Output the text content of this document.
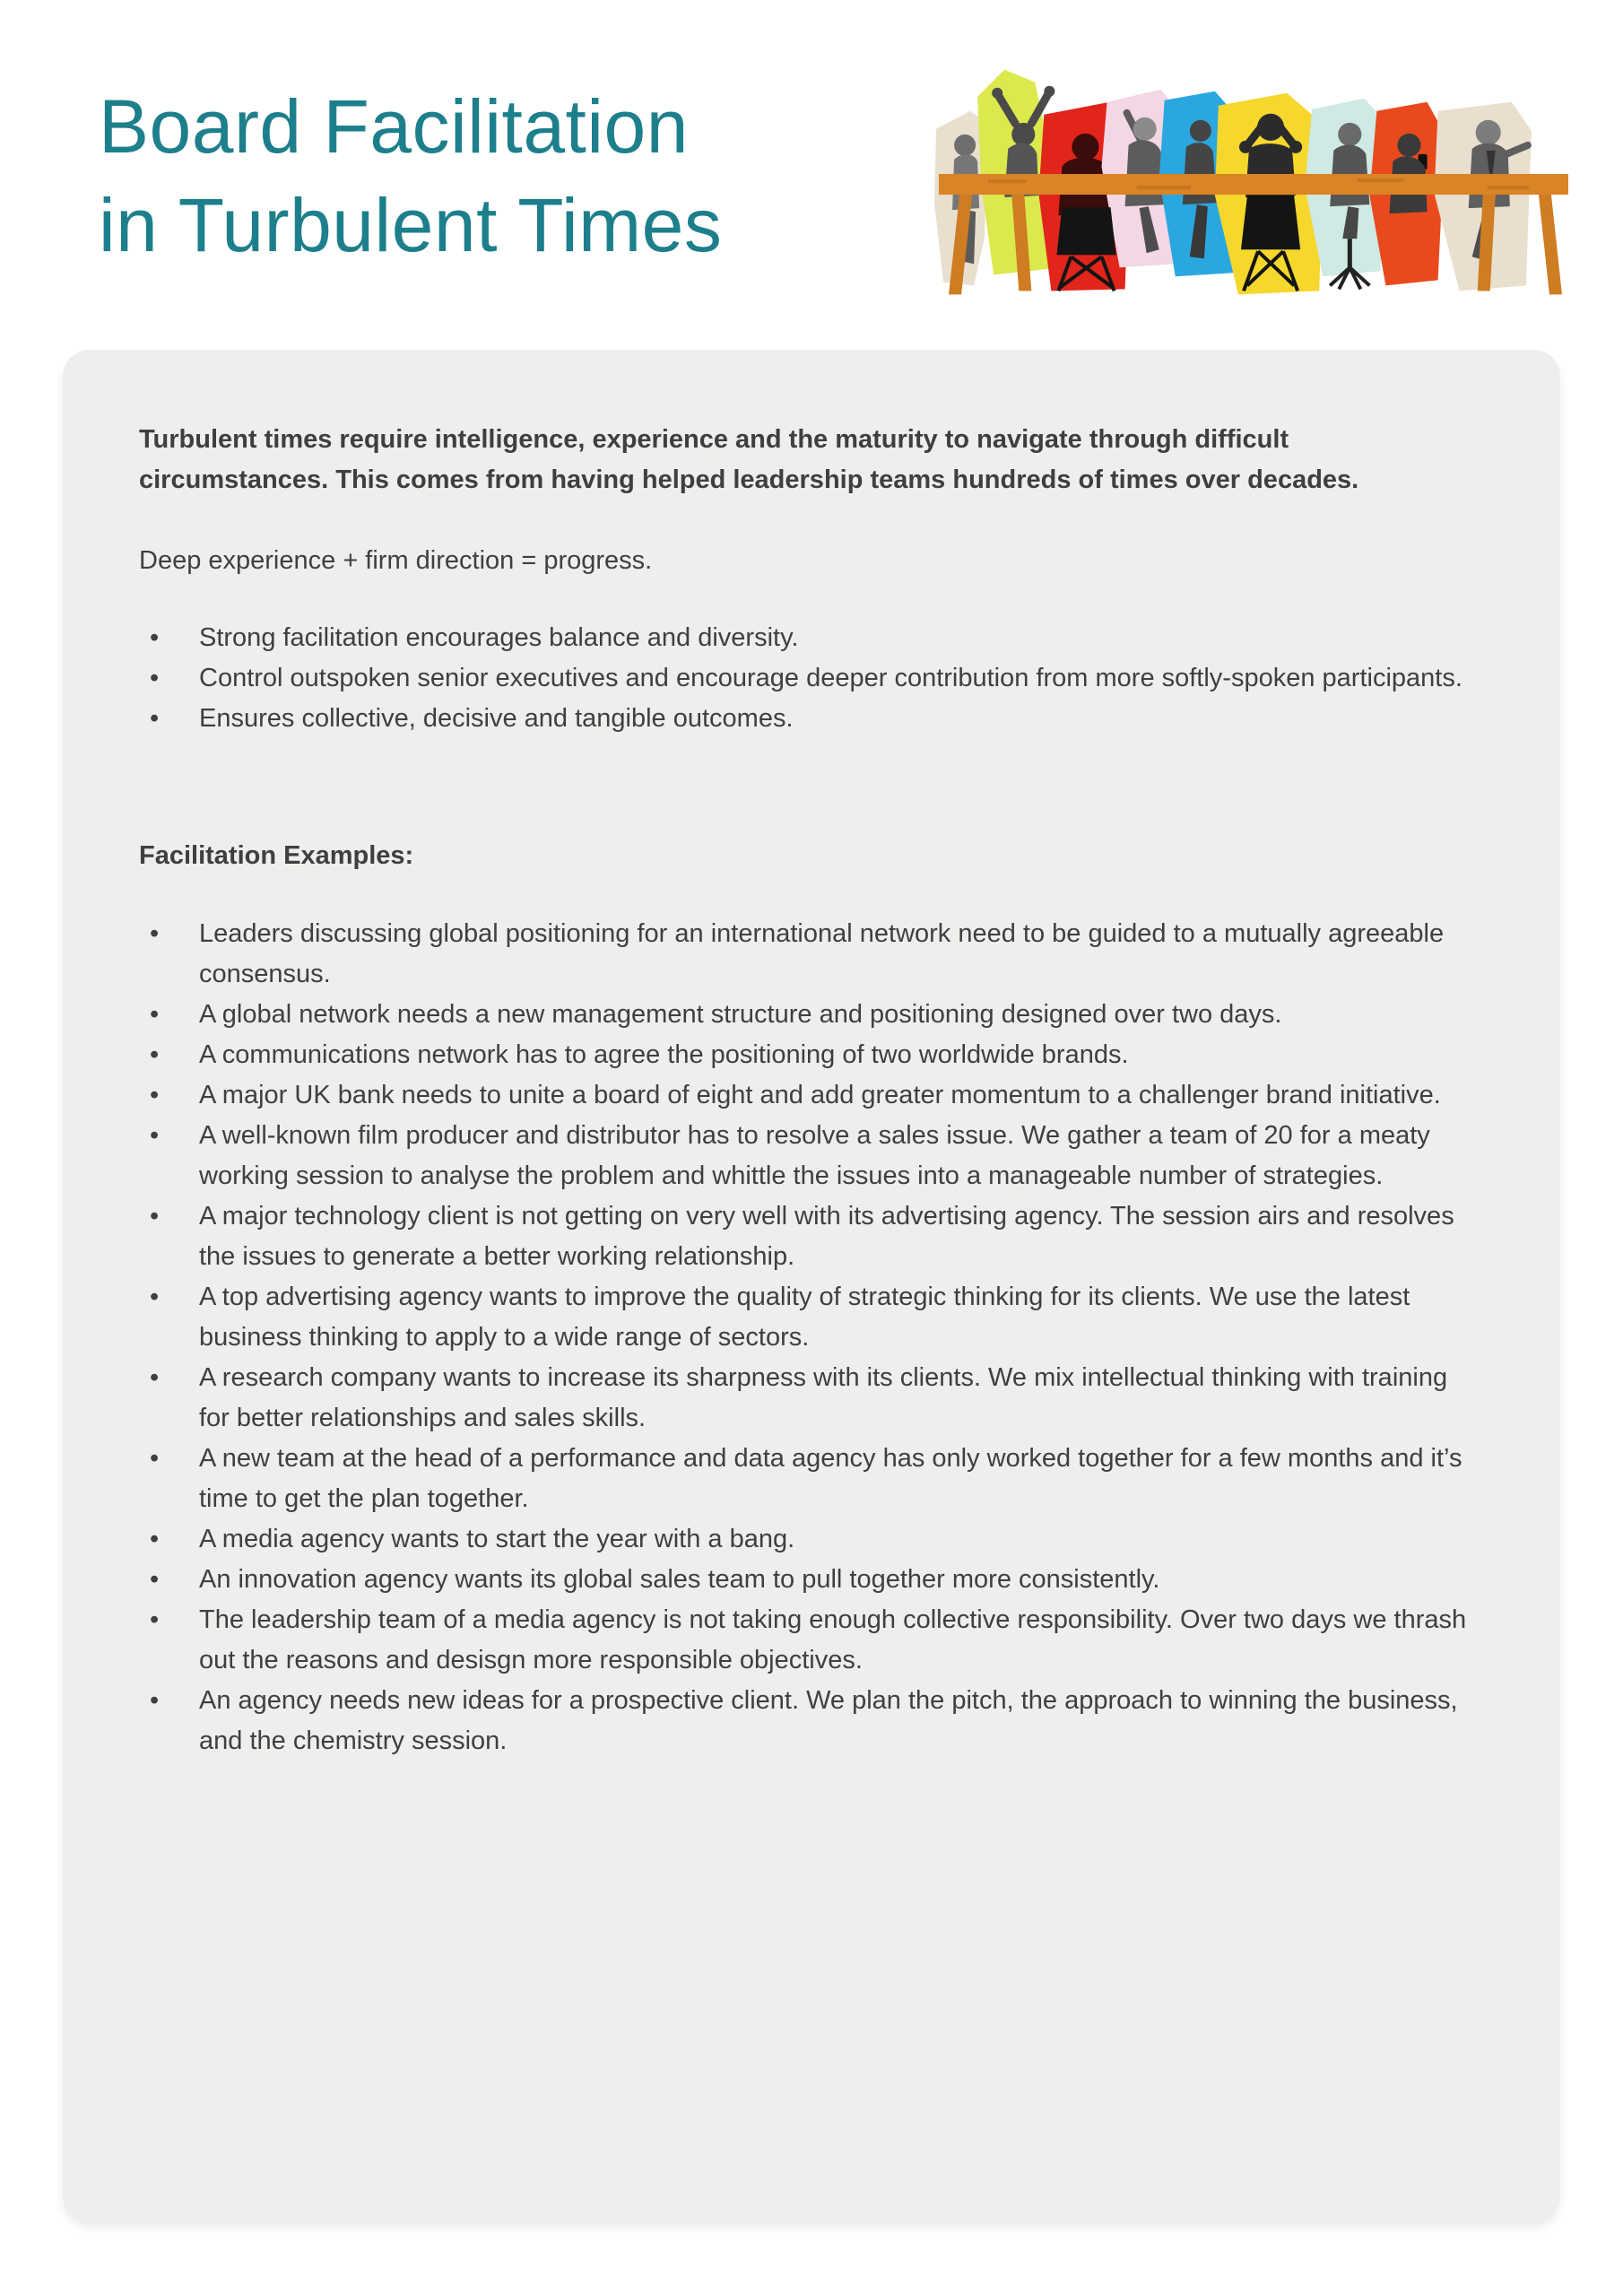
Board Facilitation
in Turbulent Times

Turbulent times require intelligence, experience and the maturity to navigate through difficult circumstances. This comes from having helped leadership teams hundreds of times over decades.

Deep experience + firm direction = progress.

• Strong facilitation encourages balance and diversity.
• Control outspoken senior executives and encourage deeper contribution from more softly-spoken participants.
• Ensures collective, decisive and tangible outcomes.
Facilitation Examples:
• Leaders discussing global positioning for an international network need to be guided to a mutually agreeable consensus.
• A global network needs a new management structure and positioning designed over two days.
• A communications network has to agree the positioning of two worldwide brands.
• A major UK bank needs to unite a board of eight and add greater momentum to a challenger brand initiative.
• A well-known film producer and distributor has to resolve a sales issue. We gather a team of 20 for a meaty working session to analyse the problem and whittle the issues into a manageable number of strategies.
• A major technology client is not getting on very well with its advertising agency. The session airs and resolves the issues to generate a better working relationship.
• A top advertising agency wants to improve the quality of strategic thinking for its clients. We use the latest business thinking to apply to a wide range of sectors.
• A research company wants to increase its sharpness with its clients. We mix intellectual thinking with training for better relationships and sales skills.
• A new team at the head of a performance and data agency has only worked together for a few months and it’s time to get the plan together.
• A media agency wants to start the year with a bang.
• An innovation agency wants its global sales team to pull together more consistently.
• The leadership team of a media agency is not taking enough collective responsibility. Over two days we thrash out the reasons and desisgn more responsible objectives.
• An agency needs new ideas for a prospective client. We plan the pitch, the approach to winning the business, and the chemistry session.
